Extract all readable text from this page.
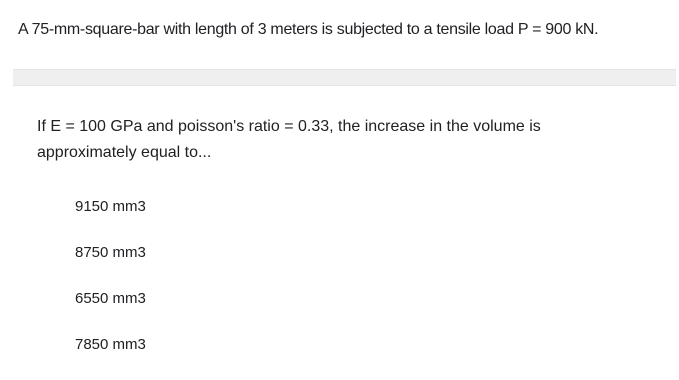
A 75-mm-square-bar with length of 3 meters is subjected to a tensile load P = 900 kN.
If E = 100 GPa and poisson's ratio = 0.33, the increase in the volume is approximately equal to...
9150 mm3
8750 mm3
6550 mm3
7850 mm3
